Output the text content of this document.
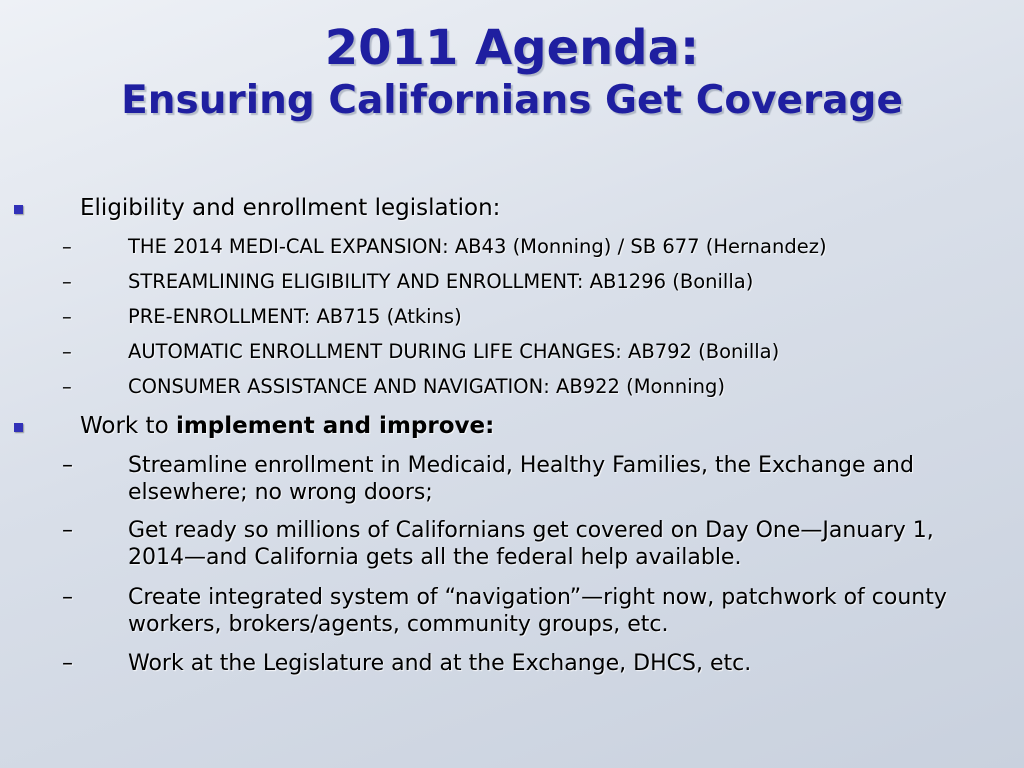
2011 Agenda:
Ensuring Californians Get Coverage
Eligibility and enrollment legislation:
–	THE 2014 MEDI-CAL EXPANSION: AB43 (Monning) / SB 677 (Hernandez)
–	STREAMLINING ELIGIBILITY AND ENROLLMENT: AB1296 (Bonilla)
–	PRE-ENROLLMENT: AB715 (Atkins)
–	AUTOMATIC ENROLLMENT DURING LIFE CHANGES: AB792 (Bonilla)
–	CONSUMER ASSISTANCE AND NAVIGATION: AB922 (Monning)
Work to implement and improve:
–	Streamline enrollment in Medicaid, Healthy Families, the Exchange and elsewhere; no wrong doors;
–	Get ready so millions of Californians get covered on Day One—January 1, 2014—and California gets all the federal help available.
–	Create integrated system of “navigation”—right now, patchwork of county workers, brokers/agents, community groups, etc.
–	Work at the Legislature and at the Exchange, DHCS, etc.
